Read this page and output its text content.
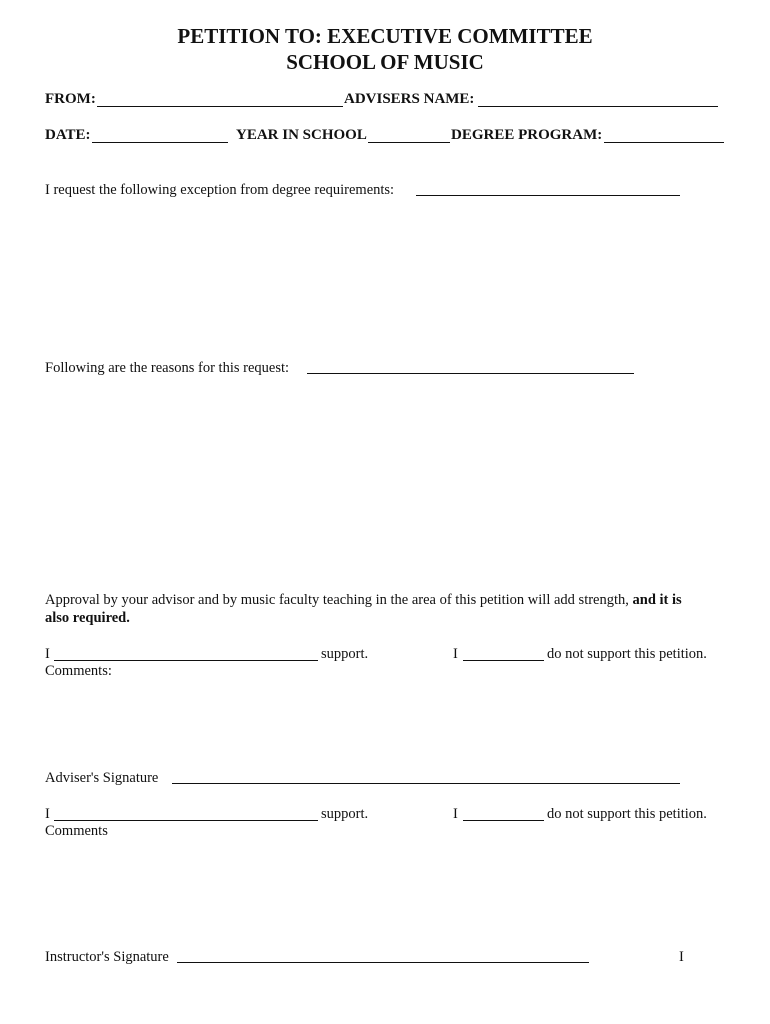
PETITION TO: EXECUTIVE COMMITTEE
SCHOOL OF MUSIC
FROM:	ADVISERS NAME:
DATE:	YEAR IN SCHOOL	DEGREE PROGRAM:
I request the following exception from degree requirements:
Following are the reasons for this request:
Approval by your advisor and by music faculty teaching in the area of this petition will add strength, and it is
also required.
I	support.	I	do not support this petition.
Comments:
Adviser's Signature
I	support.	I	do not support this petition.
Comments
Instructor's Signature	I
